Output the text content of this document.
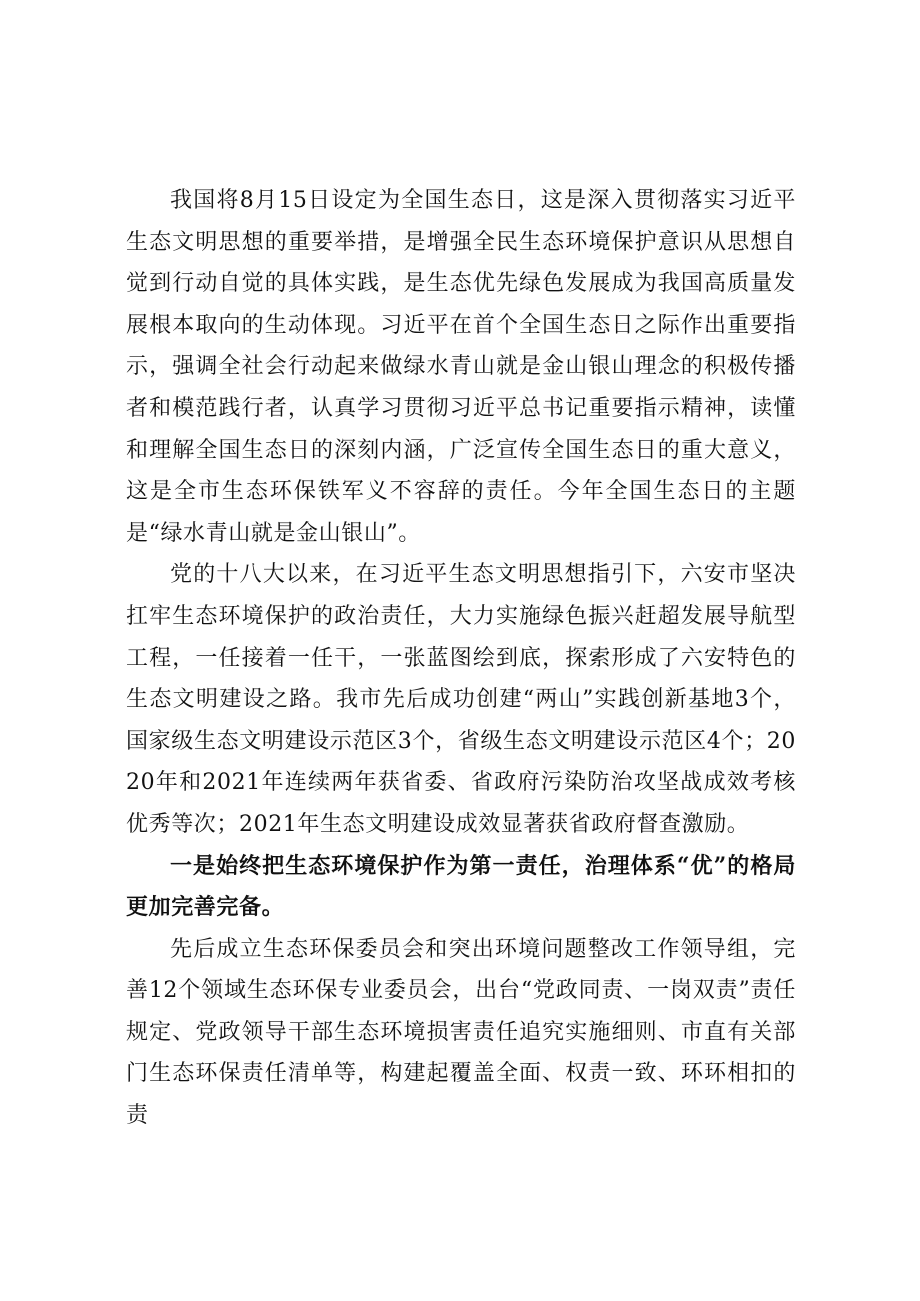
我国将8月15日设定为全国生态日，这是深入贯彻落实习近平生态文明思想的重要举措，是增强全民生态环境保护意识从思想自觉到行动自觉的具体实践，是生态优先绿色发展成为我国高质量发展根本取向的生动体现。习近平在首个全国生态日之际作出重要指示，强调全社会行动起来做绿水青山就是金山银山理念的积极传播者和模范践行者，认真学习贯彻习近平总书记重要指示精神，读懂和理解全国生态日的深刻内涵，广泛宣传全国生态日的重大意义，这是全市生态环保铁军义不容辞的责任。今年全国生态日的主题是“绿水青山就是金山银山”。

党的十八大以来，在习近平生态文明思想指引下，六安市坚决扛牢生态环境保护的政治责任，大力实施绿色振兴赶超发展导航型工程，一任接着一任干，一张蓝图绘到底，探索形成了六安特色的生态文明建设之路。我市先后成功创建“两山”实践创新基地3个，国家级生态文明建设示范区3个，省级生态文明建设示范区4个；2020年和2021年连续两年获省委、省政府污染防治攻坚战成效考核优秀等次；2021年生态文明建设成效显著获省政府督查激励。

一是始终把生态环境保护作为第一责任，治理体系“优”的格局更加完善完备。

先后成立生态环保委员会和突出环境问题整改工作领导组，完善12个领域生态环保专业委员会，出台“党政同责、一岗双责”责任规定、党政领导干部生态环境损害责任追究实施细则、市直有关部门生态环保责任清单等，构建起覆盖全面、权责一致、环环相扣的责
